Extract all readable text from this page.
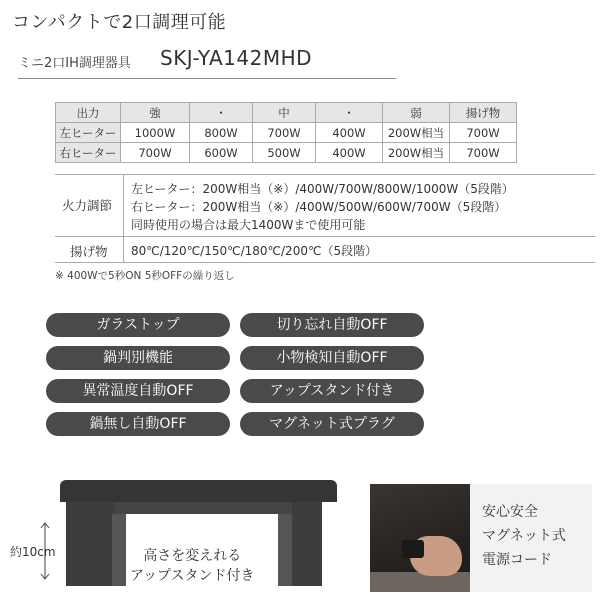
コンパクトで2口調理可能
ミニ2口IH調理器具 SKJ-YA142MHD
出力	強	・	中	・	弱	揚げ物
左ヒーター	1000W	800W	700W	400W	200W相当	700W
右ヒーター	700W	600W	500W	400W	200W相当	700W
火力調節
左ヒーター：200W相当（※）/400W/700W/800W/1000W（5段階）
右ヒーター：200W相当（※）/400W/500W/600W/700W（5段階）
同時使用の場合は最大1400Wまで使用可能
揚げ物 80℃/120℃/150℃/180℃/200℃（5段階）
※ 400Wで5秒ON 5秒OFFの繰り返し
ガラストップ	切り忘れ自動OFF
鍋判別機能	小物検知自動OFF
異常温度自動OFF	アップスタンド付き
鍋無し自動OFF	マグネット式プラグ
約10cm	高さを変えれる
アップスタンド付き
安心安全
マグネット式
電源コード
